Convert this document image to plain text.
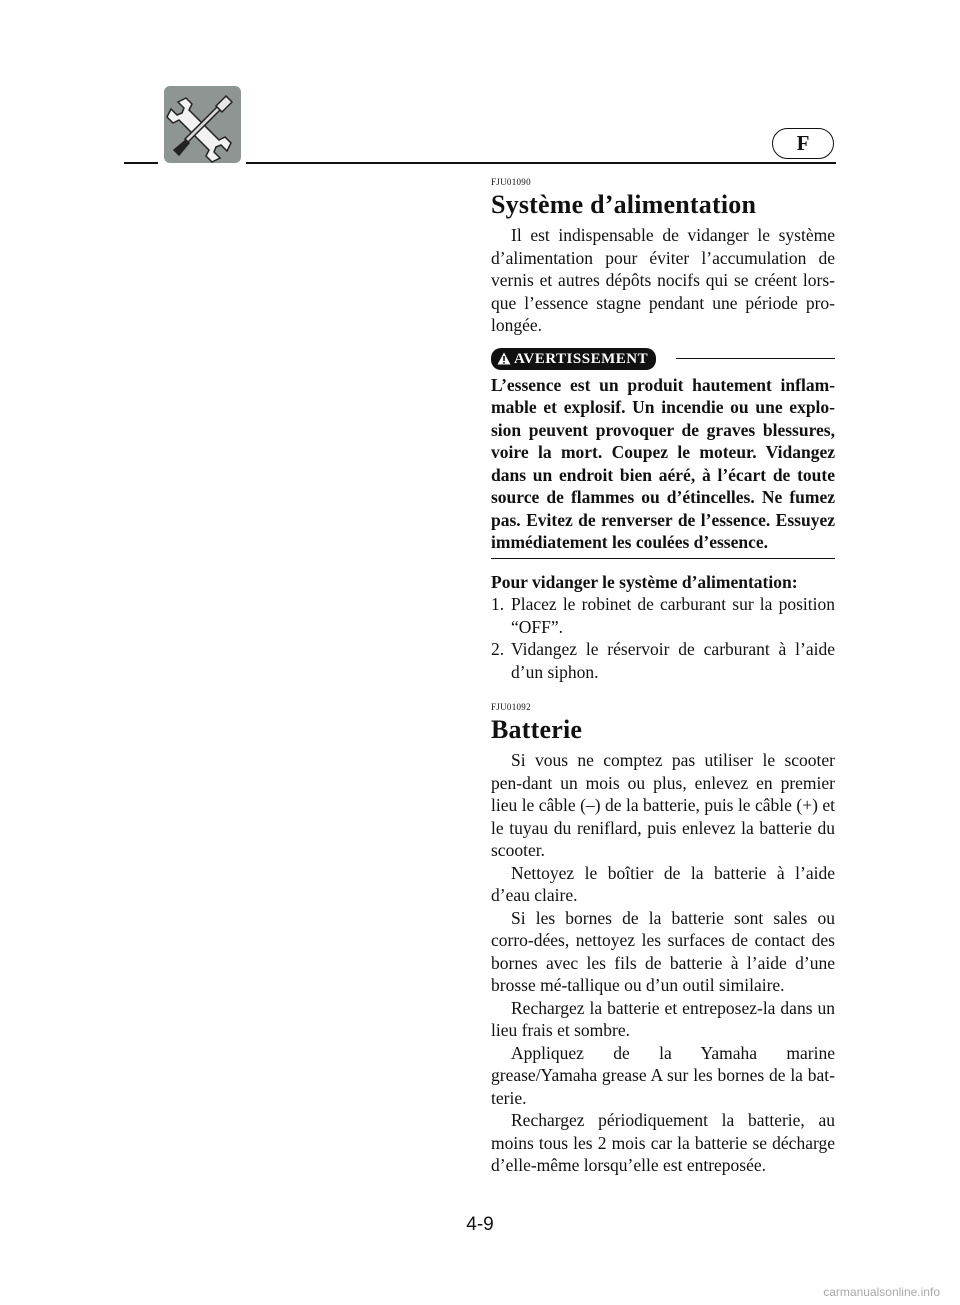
F
FJU01090
Système d’alimentation

Il est indispensable de vidanger le système d’alimentation pour éviter l’accumulation de vernis et autres dépôts nocifs qui se créent lors-que l’essence stagne pendant une période pro-longée.

AVERTISSEMENT

L’essence est un produit hautement inflam-mable et explosif. Un incendie ou une explo-sion peuvent provoquer de graves blessures, voire la mort. Coupez le moteur. Vidangez dans un endroit bien aéré, à l’écart de toute source de flammes ou d’étincelles. Ne fumez pas. Evitez de renverser de l’essence. Essuyez immédiatement les coulées d’essence.

Pour vidanger le système d’alimentation:

1. Placez le robinet de carburant sur la position “OFF”.
2. Vidangez le réservoir de carburant à l’aide d’un siphon.
FJU01092
Batterie

Si vous ne comptez pas utiliser le scooter pen-dant un mois ou plus, enlevez en premier lieu le câble (–) de la batterie, puis le câble (+) et le tuyau du reniflard, puis enlevez la batterie du scooter.

Nettoyez le boîtier de la batterie à l’aide d’eau claire.

Si les bornes de la batterie sont sales ou corro-dées, nettoyez les surfaces de contact des bornes avec les fils de batterie à l’aide d’une brosse mé-tallique ou d’un outil similaire.

Rechargez la batterie et entreposez-la dans un lieu frais et sombre.

Appliquez de la Yamaha marine grease/Yamaha grease A sur les bornes de la bat-terie.

Rechargez périodiquement la batterie, au moins tous les 2 mois car la batterie se décharge d’elle-même lorsqu’elle est entreposée.

4-9
carmanualsonline.info
